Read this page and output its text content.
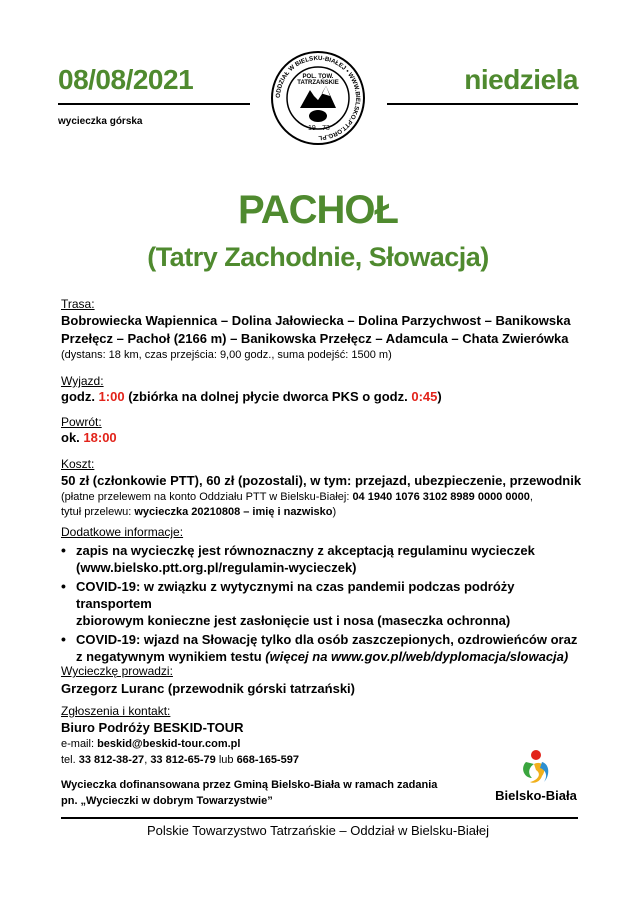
08/08/2021
wycieczka górska
niedziela
ODDZIAŁ W BIELSKU-BIAŁEJ • WWW.BIELSKO.PTT.ORG.PL
19 73
POL. TOW. TATRZAŃSKIE
PACHOŁ
(Tatry Zachodnie, Słowacja)
Trasa:
Bobrowiecka Wapiennica – Dolina Jałowiecka – Dolina Parzychwost – Banikowska
Przełęcz – Pachoł (2166 m) – Banikowska Przełęcz – Adamcula – Chata Zwierówka
(dystans: 18 km, czas przejścia: 9,00 godz., suma podejść: 1500 m)
Wyjazd:
godz. 1:00 (zbiórka na dolnej płycie dworca PKS o godz. 0:45)
Powrót:
ok. 18:00
Koszt:
50 zł (członkowie PTT), 60 zł (pozostali), w tym: przejazd, ubezpieczenie, przewodnik
(płatne przelewem na konto Oddziału PTT w Bielsku-Białej: 04 1940 1076 3102 8989 0000 0000,
tytuł przelewu: wycieczka 20210808 – imię i nazwisko)
Dodatkowe informacje:
• zapis na wycieczkę jest równoznaczny z akceptacją regulaminu wycieczek
(www.bielsko.ptt.org.pl/regulamin-wycieczek)
• COVID-19: w związku z wytycznymi na czas pandemii podczas podróży transportem
zbiorowym konieczne jest zasłonięcie ust i nosa (maseczka ochronna)
• COVID-19: wjazd na Słowację tylko dla osób zaszczepionych, ozdrowieńców oraz
z negatywnym wynikiem testu (więcej na www.gov.pl/web/dyplomacja/slowacja)
Wycieczkę prowadzi:
Grzegorz Luranc (przewodnik górski tatrzański)
Zgłoszenia i kontakt:
Biuro Podróży BESKID-TOUR
e-mail: beskid@beskid-tour.com.pl
tel. 33 812-38-27, 33 812-65-79 lub 668-165-597
Wycieczka dofinansowana przez Gminą Bielsko-Biała w ramach zadania
pn. „Wycieczki w dobrym Towarzystwie”	Bielsko-Biała
Polskie Towarzystwo Tatrzańskie – Oddział w Bielsku-Białej
